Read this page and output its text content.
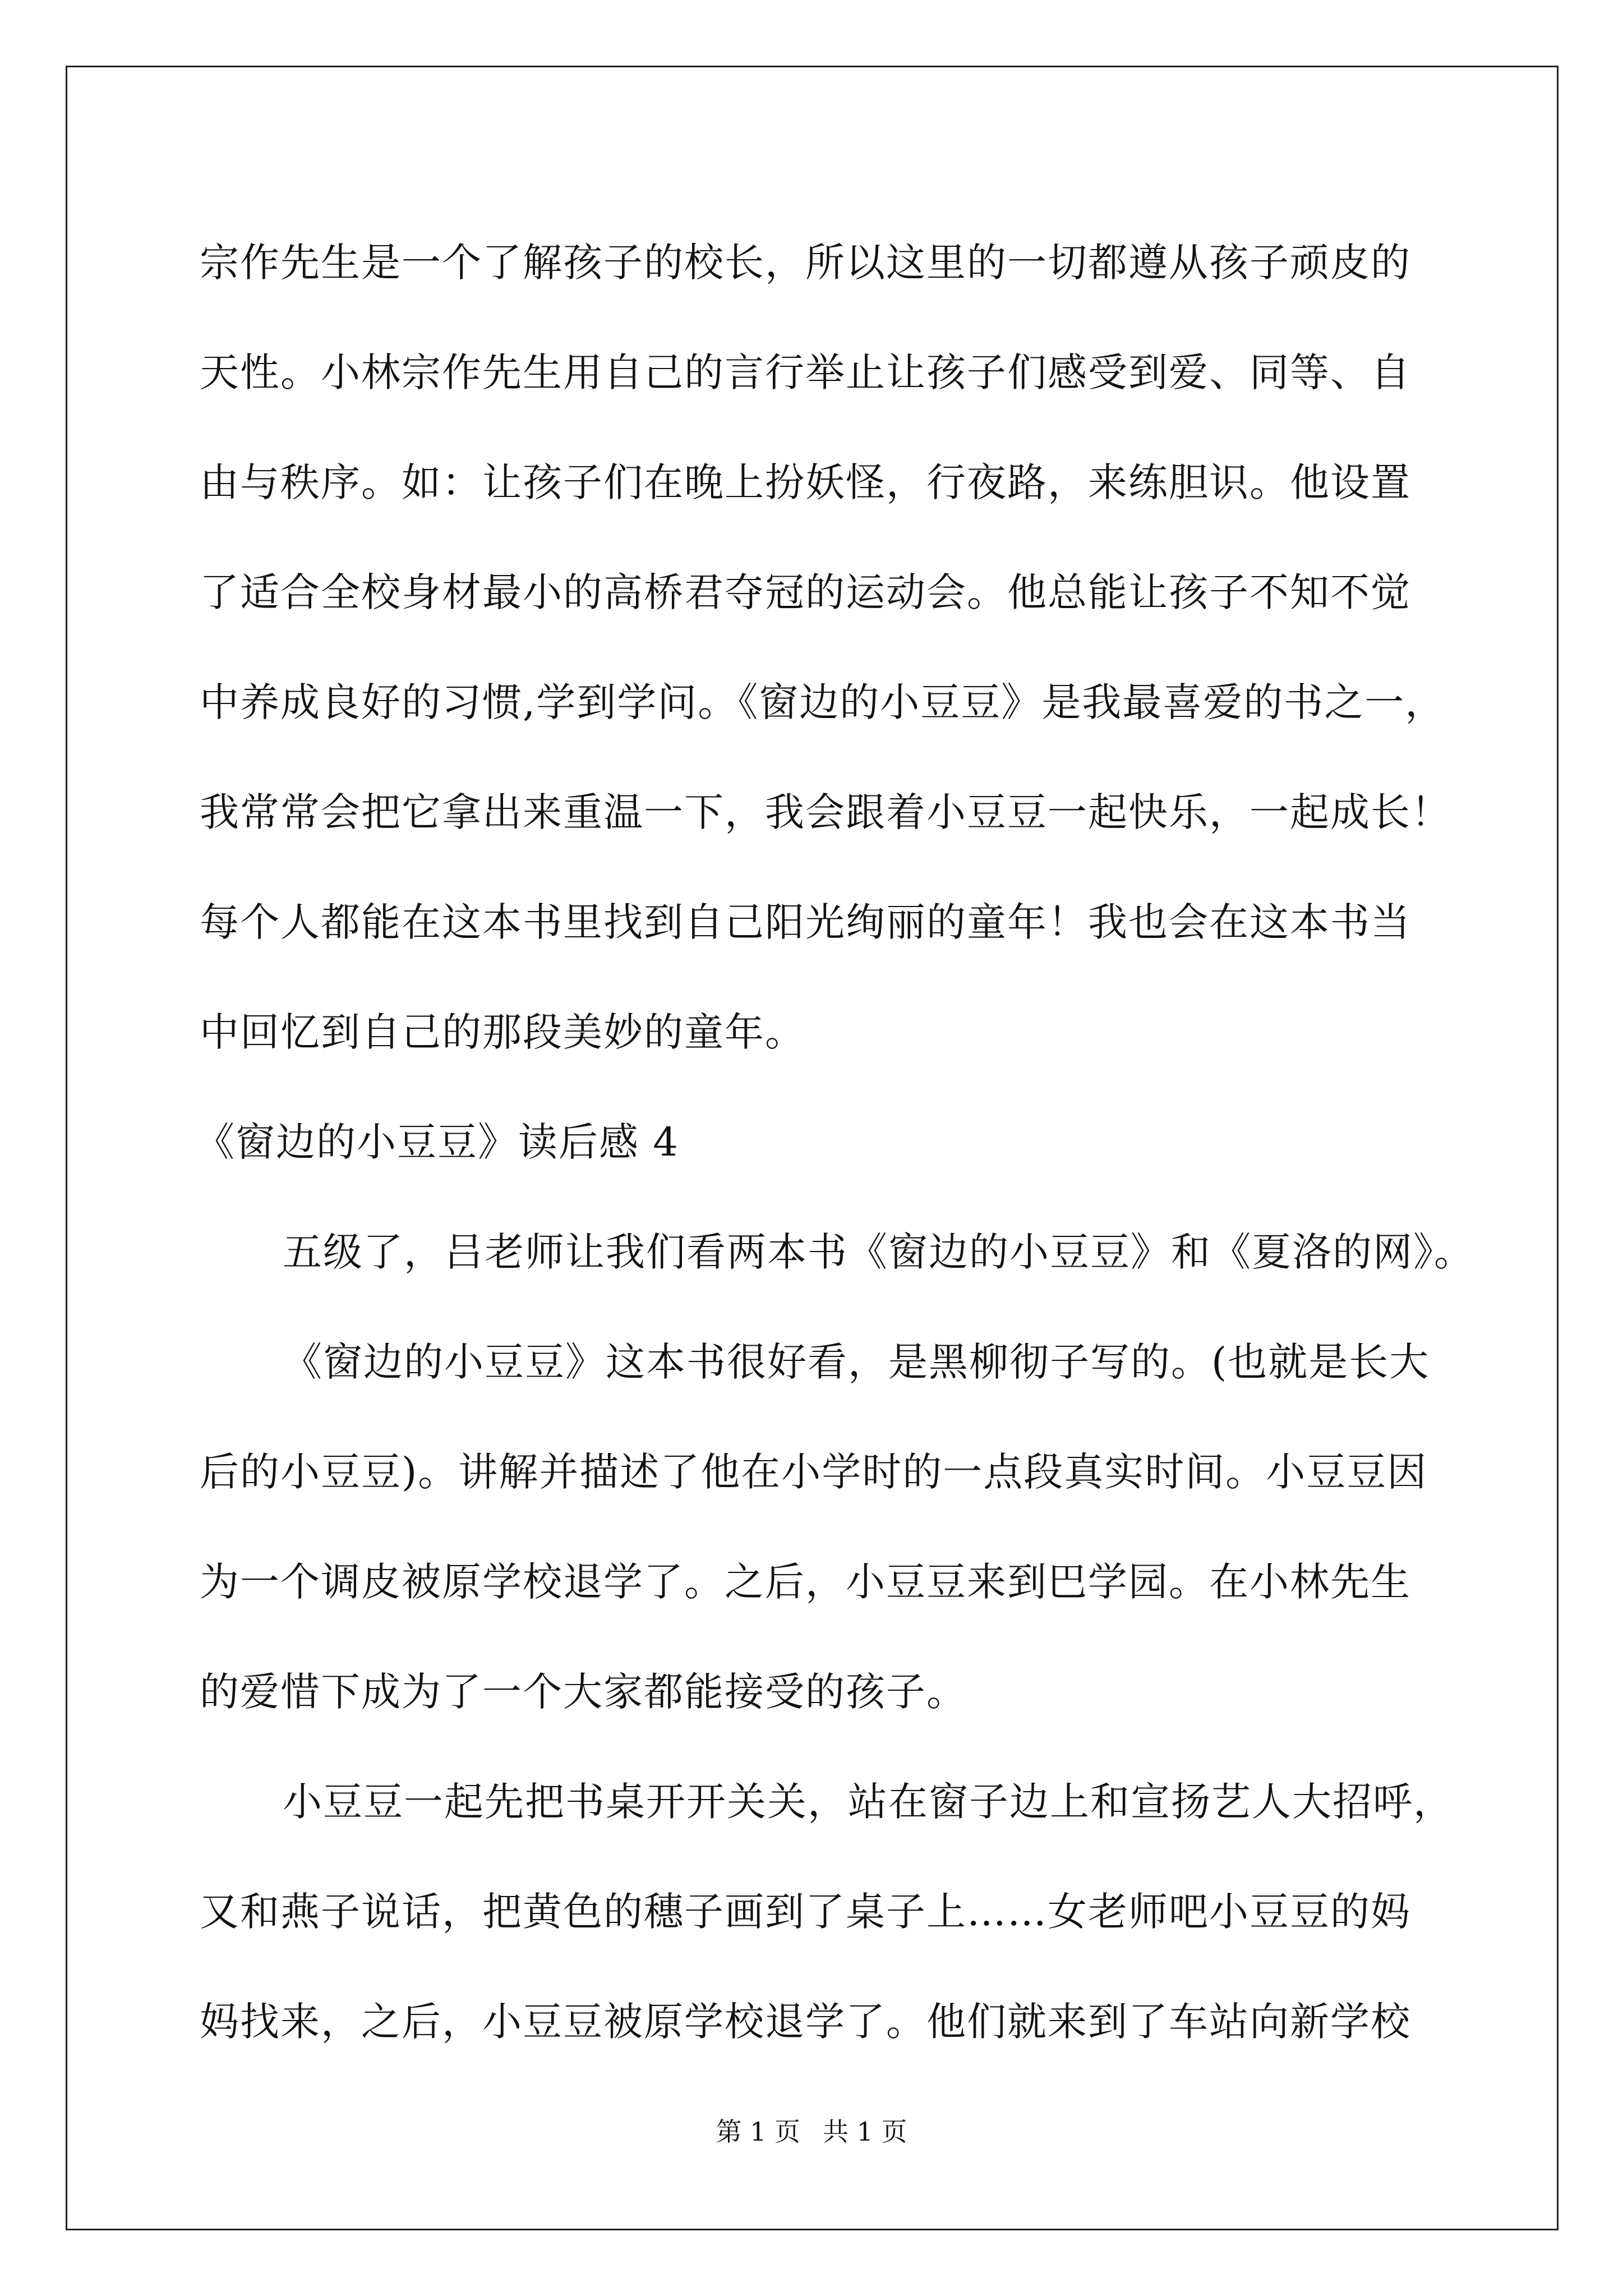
宗作先生是一个了解孩子的校长，所以这里的一切都遵从孩子顽皮的
天性。小林宗作先生用自己的言行举止让孩子们感受到爱、同等、自
由与秩序。如：让孩子们在晚上扮妖怪，行夜路，来练胆识。他设置
了适合全校身材最小的高桥君夺冠的运动会。他总能让孩子不知不觉
中养成良好的习惯,学到学问。《窗边的小豆豆》是我最喜爱的书之一，
我常常会把它拿出来重温一下，我会跟着小豆豆一起快乐，一起成长！
每个人都能在这本书里找到自己阳光绚丽的童年！我也会在这本书当
中回忆到自己的那段美妙的童年。
《窗边的小豆豆》读后感 4
五级了，吕老师让我们看两本书《窗边的小豆豆》和《夏洛的网》。
《窗边的小豆豆》这本书很好看，是黑柳彻子写的。(也就是长大
后的小豆豆)。讲解并描述了他在小学时的一点段真实时间。小豆豆因
为一个调皮被原学校退学了。之后，小豆豆来到巴学园。在小林先生
的爱惜下成为了一个大家都能接受的孩子。
小豆豆一起先把书桌开开关关，站在窗子边上和宣扬艺人大招呼，
又和燕子说话，把黄色的穗子画到了桌子上……女老师吧小豆豆的妈
妈找来，之后，小豆豆被原学校退学了。他们就来到了车站向新学校
第 1 页 共 1 页
